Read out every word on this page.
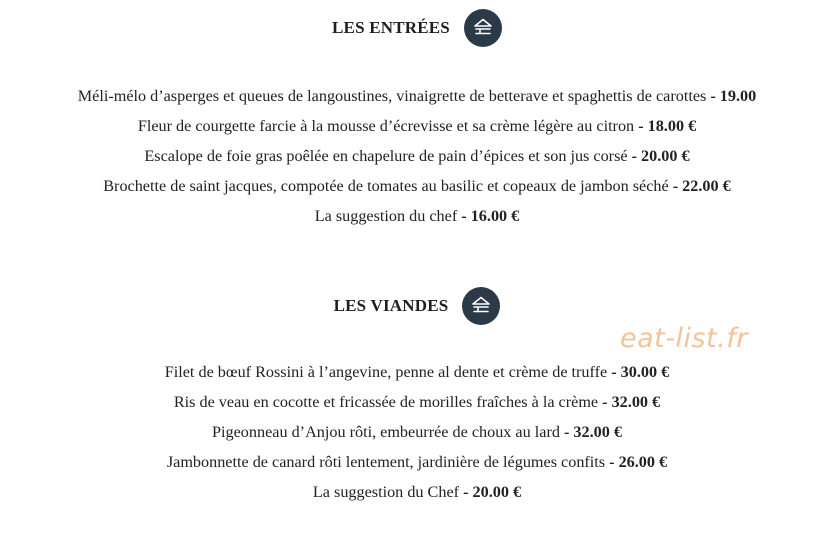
LES ENTRÉES
Méli-mélo d’asperges et queues de langoustines, vinaigrette de betterave et spaghettis de carottes - 19.00
Fleur de courgette farcie à la mousse d’écrevisse et sa crème légère au citron - 18.00 €
Escalope de foie gras poêlée en chapelure de pain d’épices et son jus corsé - 20.00 €
Brochette de saint jacques, compotée de tomates au basilic et copeaux de jambon séché - 22.00 €
La suggestion du chef - 16.00 €
LES VIANDES
Filet de bœuf Rossini à l’angevine, penne al dente et crème de truffe - 30.00 €
Ris de veau en cocotte et fricassée de morilles fraîches à la crème - 32.00 €
Pigeonneau d’Anjou rôti, embeurrée de choux au lard - 32.00 €
Jambonnette de canard rôti lentement, jardinière de légumes confits - 26.00 €
La suggestion du Chef - 20.00 €
eat-list.fr
